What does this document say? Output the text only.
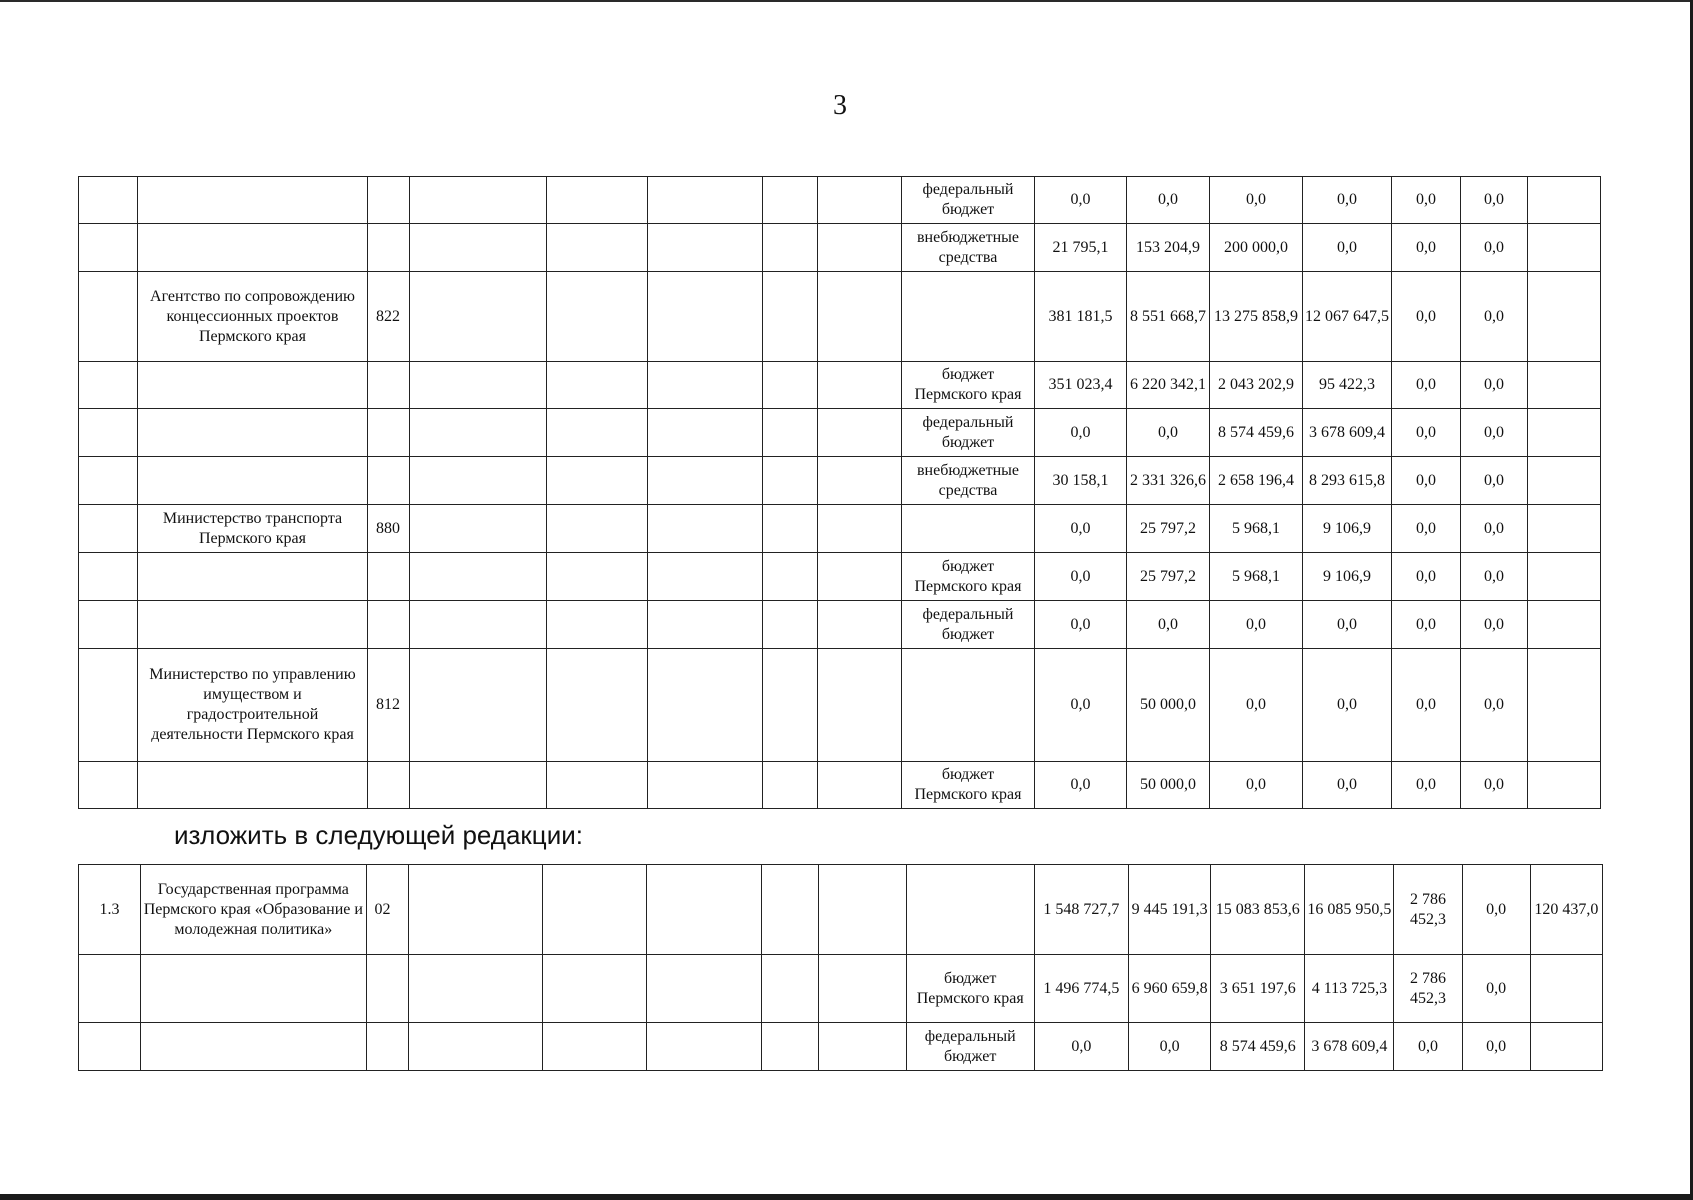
3
								федеральный бюджет	0,0	0,0	0,0	0,0	0,0	0,0	
								внебюджетные средства	21 795,1	153 204,9	200 000,0	0,0	0,0	0,0	
	Агентство по сопровождению концессионных проектов Пермского края	822							381 181,5	8 551 668,7	13 275 858,9	12 067 647,5	0,0	0,0	
								бюджет Пермского края	351 023,4	6 220 342,1	2 043 202,9	95 422,3	0,0	0,0	
								федеральный бюджет	0,0	0,0	8 574 459,6	3 678 609,4	0,0	0,0	
								внебюджетные средства	30 158,1	2 331 326,6	2 658 196,4	8 293 615,8	0,0	0,0	
	Министерство транспорта Пермского края	880							0,0	25 797,2	5 968,1	9 106,9	0,0	0,0	
								бюджет Пермского края	0,0	25 797,2	5 968,1	9 106,9	0,0	0,0	
								федеральный бюджет	0,0	0,0	0,0	0,0	0,0	0,0	
	Министерство по управлению имуществом и градостроительной деятельности Пермского края	812							0,0	50 000,0	0,0	0,0	0,0	0,0	
								бюджет Пермского края	0,0	50 000,0	0,0	0,0	0,0	0,0	
изложить в следующей редакции:
1.3	Государственная программа Пермского края «Образование и молодежная политика»	02							1 548 727,7	9 445 191,3	15 083 853,6	16 085 950,5	2 786 452,3	0,0	120 437,0
								бюджет Пермского края	1 496 774,5	6 960 659,8	3 651 197,6	4 113 725,3	2 786 452,3	0,0	
								федеральный бюджет	0,0	0,0	8 574 459,6	3 678 609,4	0,0	0,0	
